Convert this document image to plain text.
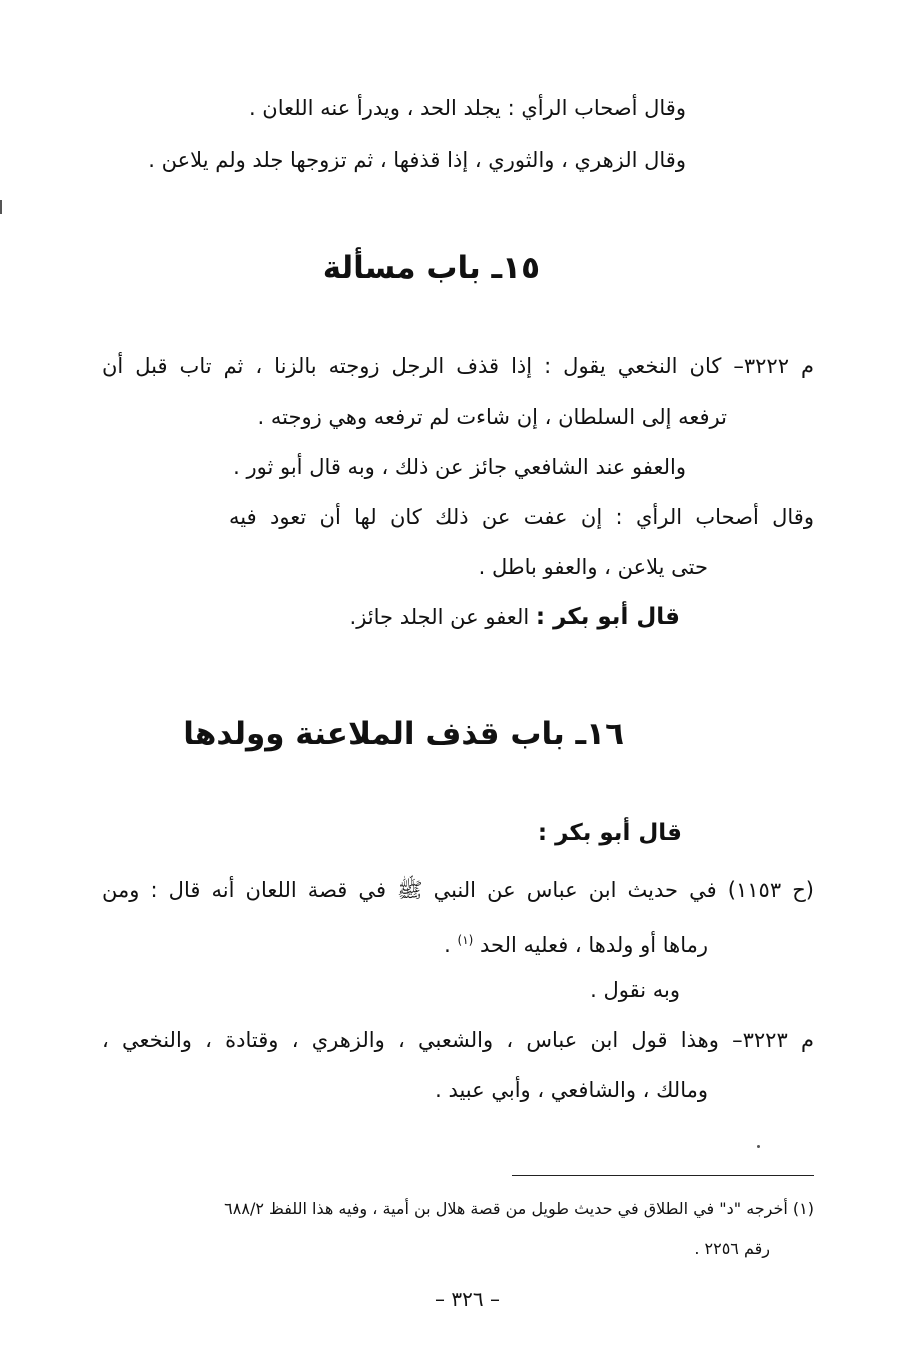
وقال أصحاب الرأي : يجلد الحد ، ويدرأ عنه اللعان .
وقال الزهري ، والثوري ، إذا قذفها ، ثم تزوجها جلد ولم يلاعن .
١٥ـ باب مسألة
م ٣٢٢٢– كان النخعي يقول : إذا قذف الرجل زوجته بالزنا ، ثم تاب قبل أن
ترفعه إلى السلطان ، إن شاءت لم ترفعه وهي زوجته .
والعفو عند الشافعي جائز عن ذلك ، وبه قال أبو ثور .
وقال أصحاب الرأي : إن عفت عن ذلك كان لها أن تعود فيه
حتى يلاعن ، والعفو باطل .
قال أبو بكر : العفو عن الجلد جائز.
١٦ـ باب قذف الملاعنة وولدها
قال أبو بكر :
(ح ١١٥٣) في حديث ابن عباس عن النبي ﷺ في قصة اللعان أنه قال : ومن
رماها أو ولدها ، فعليه الحد $^{(١)}$ .
وبه نقول .
م ٣٢٢٣– وهذا قول ابن عباس ، والشعبي ، والزهري ، وقتادة ، والنخعي ،
ومالك ، والشافعي ، وأبي عبيد .
(١) أخرجه "د" في الطلاق في حديث طويل من قصة هلال بن أمية ، وفيه هذا اللفظ ٦٨٨/٢
رقم ٢٢٥٦ .
– ٣٢٦ –
